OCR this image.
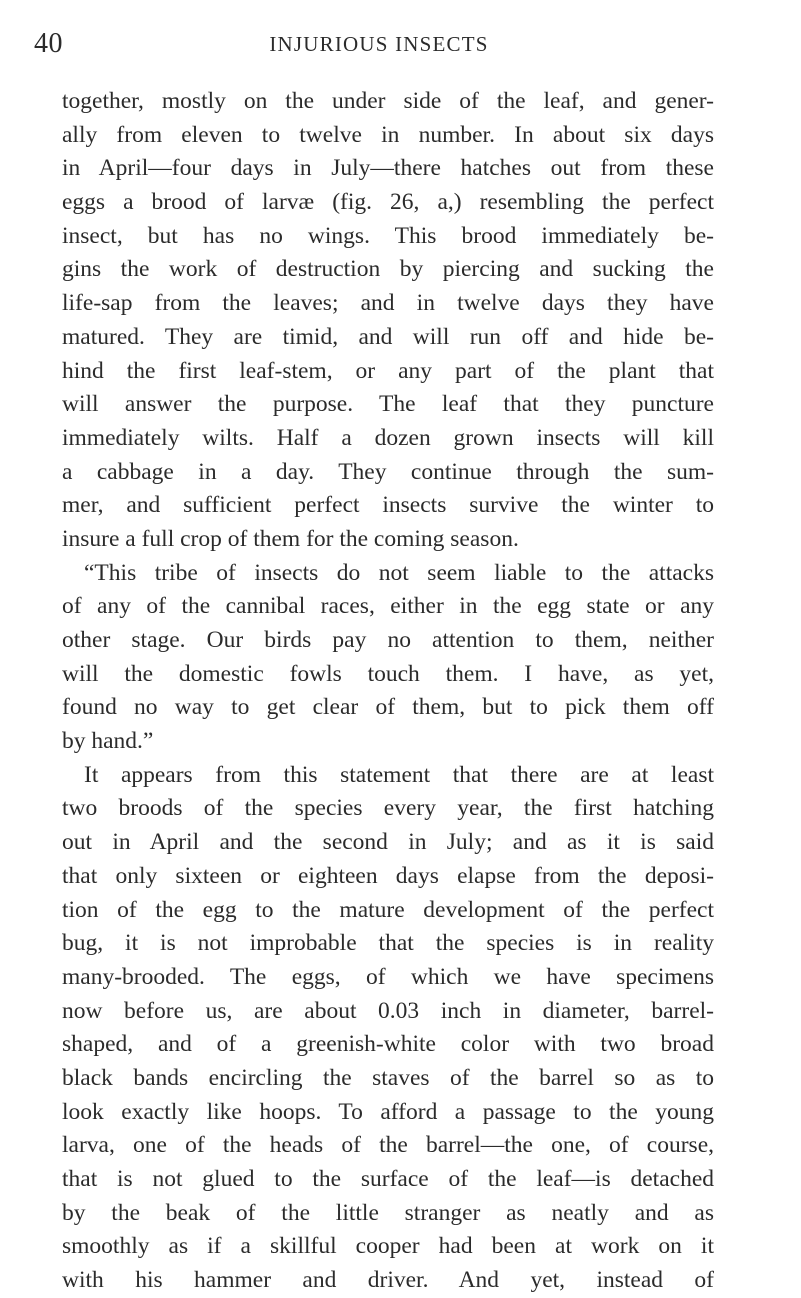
40	INJURIOUS INSECTS
together, mostly on the under side of the leaf, and gener-
ally from eleven to twelve in number. In about six days
in April—four days in July—there hatches out from these
eggs a brood of larvæ (fig. 26, a,) resembling the perfect
insect, but has no wings. This brood immediately be-
gins the work of destruction by piercing and sucking the
life-sap from the leaves; and in twelve days they have
matured. They are timid, and will run off and hide be-
hind the first leaf-stem, or any part of the plant that
will answer the purpose. The leaf that they puncture
immediately wilts. Half a dozen grown insects will kill
a cabbage in a day. They continue through the sum-
mer, and sufficient perfect insects survive the winter to
insure a full crop of them for the coming season.
“This tribe of insects do not seem liable to the attacks
of any of the cannibal races, either in the egg state or any
other stage. Our birds pay no attention to them, neither
will the domestic fowls touch them. I have, as yet,
found no way to get clear of them, but to pick them off
by hand.”
It appears from this statement that there are at least
two broods of the species every year, the first hatching
out in April and the second in July; and as it is said
that only sixteen or eighteen days elapse from the deposi-
tion of the egg to the mature development of the perfect
bug, it is not improbable that the species is in reality
many-brooded. The eggs, of which we have specimens
now before us, are about 0.03 inch in diameter, barrel-
shaped, and of a greenish-white color with two broad
black bands encircling the staves of the barrel so as to
look exactly like hoops. To afford a passage to the young
larva, one of the heads of the barrel—the one, of course,
that is not glued to the surface of the leaf—is detached
by the beak of the little stranger as neatly and as
smoothly as if a skillful cooper had been at work on it
with his hammer and driver. And yet, instead of
